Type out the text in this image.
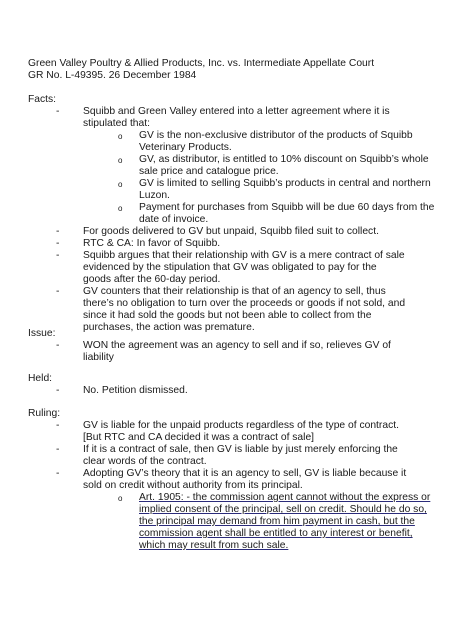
Green Valley Poultry & Allied Products, Inc. vs. Intermediate Appellate Court
GR No. L-49395. 26 December 1984
Facts:
- Squibb and Green Valley entered into a letter agreement where it is
stipulated that:
o GV is the non-exclusive distributor of the products of Squibb
Veterinary Products.
o GV, as distributor, is entitled to 10% discount on Squibb’s whole
sale price and catalogue price.
o GV is limited to selling Squibb’s products in central and northern
Luzon.
o Payment for purchases from Squibb will be due 60 days from the
date of invoice.
- For goods delivered to GV but unpaid, Squibb filed suit to collect.
- RTC & CA: In favor of Squibb.
- Squibb argues that their relationship with GV is a mere contract of sale
evidenced by the stipulation that GV was obligated to pay for the
goods after the 60-day period.
- GV counters that their relationship is that of an agency to sell, thus
there’s no obligation to turn over the proceeds or goods if not sold, and
since it had sold the goods but not been able to collect from the
purchases, the action was premature.
Issue:
- WON the agreement was an agency to sell and if so, relieves GV of
liability
Held:
- No. Petition dismissed.
Ruling:
- GV is liable for the unpaid products regardless of the type of contract.
[But RTC and CA decided it was a contract of sale]
- If it is a contract of sale, then GV is liable by just merely enforcing the
clear words of the contract.
- Adopting GV’s theory that it is an agency to sell, GV is liable because it
sold on credit without authority from its principal.
o Art. 1905: - the commission agent cannot without the express or
implied consent of the principal, sell on credit. Should he do so,
the principal may demand from him payment in cash, but the
commission agent shall be entitled to any interest or benefit,
which may result from such sale.
